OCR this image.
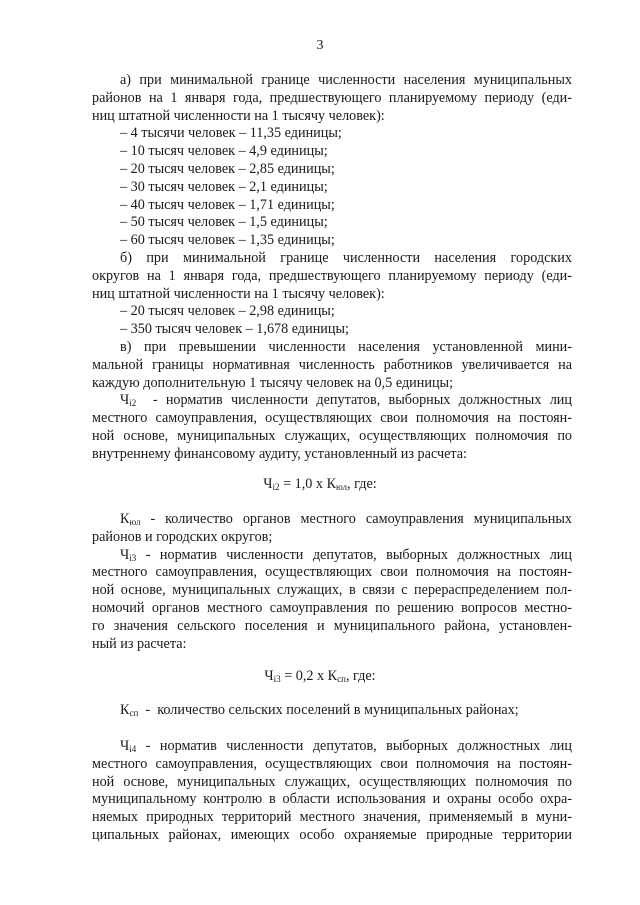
3
а) при минимальной границе численности населения муниципальных
районов на 1 января года, предшествующего планируемому периоду (еди-
ниц штатной численности на 1 тысячу человек):
– 4 тысячи человек – 11,35 единицы;
– 10 тысяч человек – 4,9 единицы;
– 20 тысяч человек – 2,85 единицы;
– 30 тысяч человек – 2,1 единицы;
– 40 тысяч человек – 1,71 единицы;
– 50 тысяч человек – 1,5 единицы;
– 60 тысяч человек – 1,35 единицы;
б) при минимальной границе численности населения городских
округов на 1 января года, предшествующего планируемому периоду (еди-
ниц штатной численности на 1 тысячу человек):
– 20 тысяч человек – 2,98 единицы;
– 350 тысяч человек – 1,678 единицы;
в) при превышении численности населения установленной мини-
мальной границы нормативная численность работников увеличивается на
каждую дополнительную 1 тысячу человек на 0,5 единицы;
$Ч_{i2}$  - норматив численности депутатов, выборных должностных лиц
местного самоуправления, осуществляющих свои полномочия на постоян-
ной основе, муниципальных служащих, осуществляющих полномочия по
внутреннему финансовому аудиту, установленный из расчета:
$Ч_{i2} = 1,0$ х $К_{юл}$, где:
$К_{юл}$ - количество органов местного самоуправления муниципальных
районов и городских округов;
$Ч_{i3}$ - норматив численности депутатов, выборных должностных лиц
местного самоуправления, осуществляющих свои полномочия на постоян-
ной основе, муниципальных служащих, в связи с перераспределением пол-
номочий органов местного самоуправления по решению вопросов местно-
го значения сельского поселения и муниципального района, установлен-
ный из расчета:
$Ч_{i3} = 0,2$ х $К_{сп}$, где:
$К_{сп}$  -  количество сельских поселений в муниципальных районах;
$Ч_{i4}$ - норматив численности депутатов, выборных должностных лиц
местного самоуправления, осуществляющих свои полномочия на постоян-
ной основе, муниципальных служащих, осуществляющих полномочия по
муниципальному контролю в области использования и охраны особо охра-
няемых природных территорий местного значения, применяемый в муни-
ципальных районах, имеющих особо охраняемые природные территории
